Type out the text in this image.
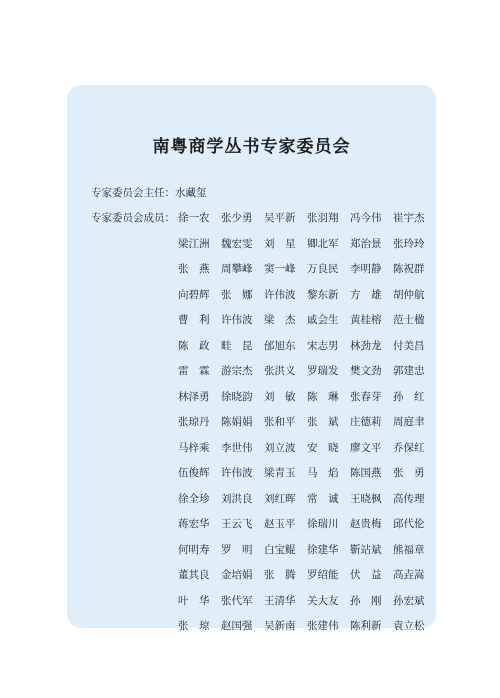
南粤商学丛书专家委员会
专家委员会主任：水藏玺
专家委员会成员： 徐一农	张少勇	吴平新	张羽翔	冯今伟	崔宇杰
梁江洲	魏宏雯	刘　星	卿北军	郑治景	张玲玲
张　燕	周攀峰	窦一峰	万良民	李明静	陈祝群
向碧辉	张　娜	许伟波	黎东新	方　雄	胡仲航
曹　利	许伟波	梁　杰	戚会生	黄桂榕	范士楹
陈　政	畦　昆	邰旭东	宋志男	林劲龙	付美昌
雷　霖	游宗杰	张洪义	罗瑞发	樊文劲	郭建忠
林泽勇	徐晓韵	刘　敏	陈　琳	张春芽	孙　红
张琼丹	陈娟娟	张和平	张　斌	庄德莉	周庭聿
马梓乘	李世伟	刘立波	安　晓	廖文平	乔保红
伍俊辉	许伟波	梁青玉	马　焰	陈国燕	张　勇
徐全珍	刘洪良	刘红晖	常　诚	王晓枫	高传理
蒋宏华	王云飞	赵玉平	徐瑞川	赵贵梅	邱代伦
何明寿	罗　明	白宝鲲	徐建华	靳站斌	熊福章
董其良	金培娟	张　腾	罗绍能	伏　益	高垚嵩
叶　华	张代军	王清华	关大友	孙　刚	孙宏斌
张　琼	赵国强	吴新南	张建伟	陈利新	袁立松
